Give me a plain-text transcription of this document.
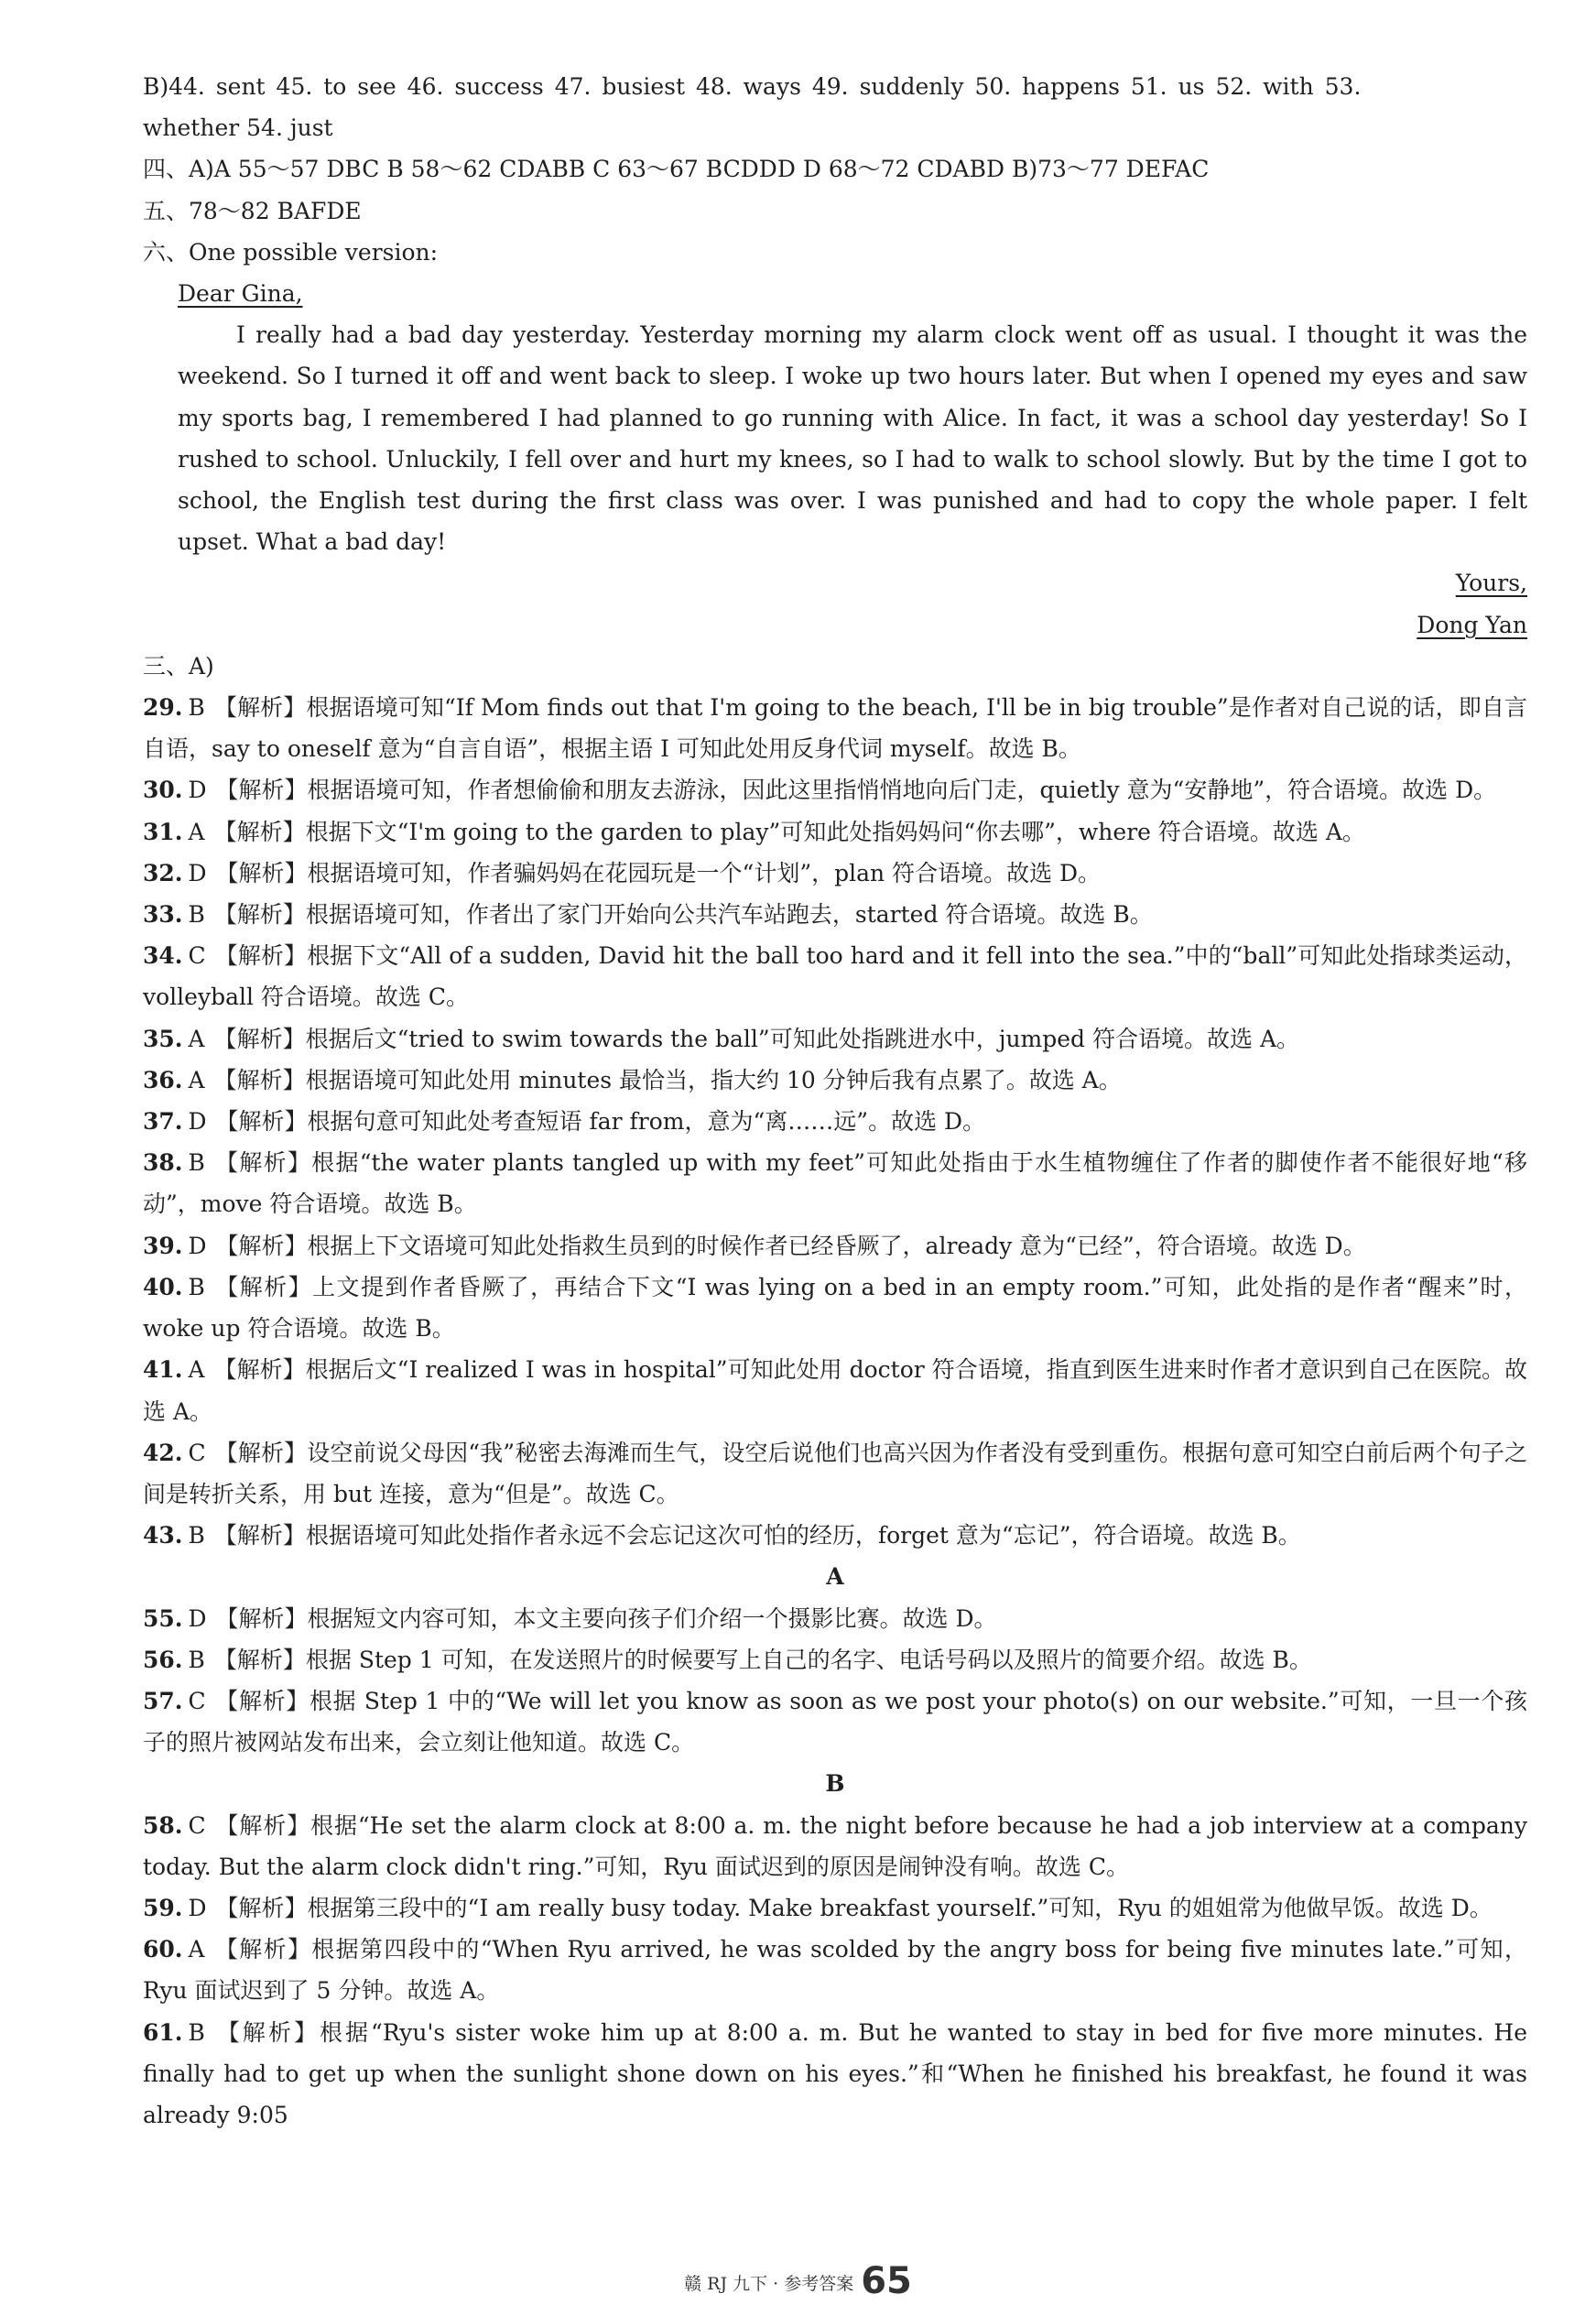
B)44. sent 45. to see 46. success 47. busiest 48. ways 49. suddenly 50. happens 51. us 52. with 53.
whether 54. just
四、A)A 55～57 DBC B 58～62 CDABB C 63～67 BCDDD D 68～72 CDABD B)73～77 DEFAC
五、78～82 BAFDE
六、One possible version:
Dear Gina,
I really had a bad day yesterday. Yesterday morning my alarm clock went off as usual. I thought it was the weekend. So I turned it off and went back to sleep. I woke up two hours later. But when I opened my eyes and saw my sports bag, I remembered I had planned to go running with Alice. In fact, it was a school day yesterday! So I rushed to school. Unluckily, I fell over and hurt my knees, so I had to walk to school slowly. But by the time I got to school, the English test during the first class was over. I was punished and had to copy the whole paper. I felt upset. What a bad day!
Yours,
Dong Yan
三、A)
29. B 【解析】根据语境可知“If Mom finds out that I'm going to the beach, I'll be in big trouble”是作者对自己说的话，即自言自语，say to oneself 意为“自言自语”，根据主语 I 可知此处用反身代词 myself。故选 B。
30. D 【解析】根据语境可知，作者想偷偷和朋友去游泳，因此这里指悄悄地向后门走，quietly 意为“安静地”，符合语境。故选 D。
31. A 【解析】根据下文“I'm going to the garden to play”可知此处指妈妈问“你去哪”，where 符合语境。故选 A。
32. D 【解析】根据语境可知，作者骗妈妈在花园玩是一个“计划”，plan 符合语境。故选 D。
33. B 【解析】根据语境可知，作者出了家门开始向公共汽车站跑去，started 符合语境。故选 B。
34. C 【解析】根据下文“All of a sudden, David hit the ball too hard and it fell into the sea.”中的“ball”可知此处指球类运动，volleyball 符合语境。故选 C。
35. A 【解析】根据后文“tried to swim towards the ball”可知此处指跳进水中，jumped 符合语境。故选 A。
36. A 【解析】根据语境可知此处用 minutes 最恰当，指大约 10 分钟后我有点累了。故选 A。
37. D 【解析】根据句意可知此处考查短语 far from，意为“离……远”。故选 D。
38. B 【解析】根据“the water plants tangled up with my feet”可知此处指由于水生植物缠住了作者的脚使作者不能很好地“移动”，move 符合语境。故选 B。
39. D 【解析】根据上下文语境可知此处指救生员到的时候作者已经昏厥了，already 意为“已经”，符合语境。故选 D。
40. B 【解析】上文提到作者昏厥了，再结合下文“I was lying on a bed in an empty room.”可知，此处指的是作者“醒来”时，woke up 符合语境。故选 B。
41. A 【解析】根据后文“I realized I was in hospital”可知此处用 doctor 符合语境，指直到医生进来时作者才意识到自己在医院。故选 A。
42. C 【解析】设空前说父母因“我”秘密去海滩而生气，设空后说他们也高兴因为作者没有受到重伤。根据句意可知空白前后两个句子之间是转折关系，用 but 连接，意为“但是”。故选 C。
43. B 【解析】根据语境可知此处指作者永远不会忘记这次可怕的经历，forget 意为“忘记”，符合语境。故选 B。
A
55. D 【解析】根据短文内容可知，本文主要向孩子们介绍一个摄影比赛。故选 D。
56. B 【解析】根据 Step 1 可知，在发送照片的时候要写上自己的名字、电话号码以及照片的简要介绍。故选 B。
57. C 【解析】根据 Step 1 中的“We will let you know as soon as we post your photo(s) on our website.”可知，一旦一个孩子的照片被网站发布出来，会立刻让他知道。故选 C。
B
58. C 【解析】根据“He set the alarm clock at 8:00 a. m. the night before because he had a job interview at a company today. But the alarm clock didn't ring.”可知，Ryu 面试迟到的原因是闹钟没有响。故选 C。
59. D 【解析】根据第三段中的“I am really busy today. Make breakfast yourself.”可知，Ryu 的姐姐常为他做早饭。故选 D。
60. A 【解析】根据第四段中的“When Ryu arrived, he was scolded by the angry boss for being five minutes late.”可知，Ryu 面试迟到了 5 分钟。故选 A。
61. B 【解析】根据“Ryu's sister woke him up at 8:00 a. m. But he wanted to stay in bed for five more minutes. He finally had to get up when the sunlight shone down on his eyes.”和“When he finished his breakfast, he found it was already 9:05
赣 RJ 九下 · 参考答案 65
